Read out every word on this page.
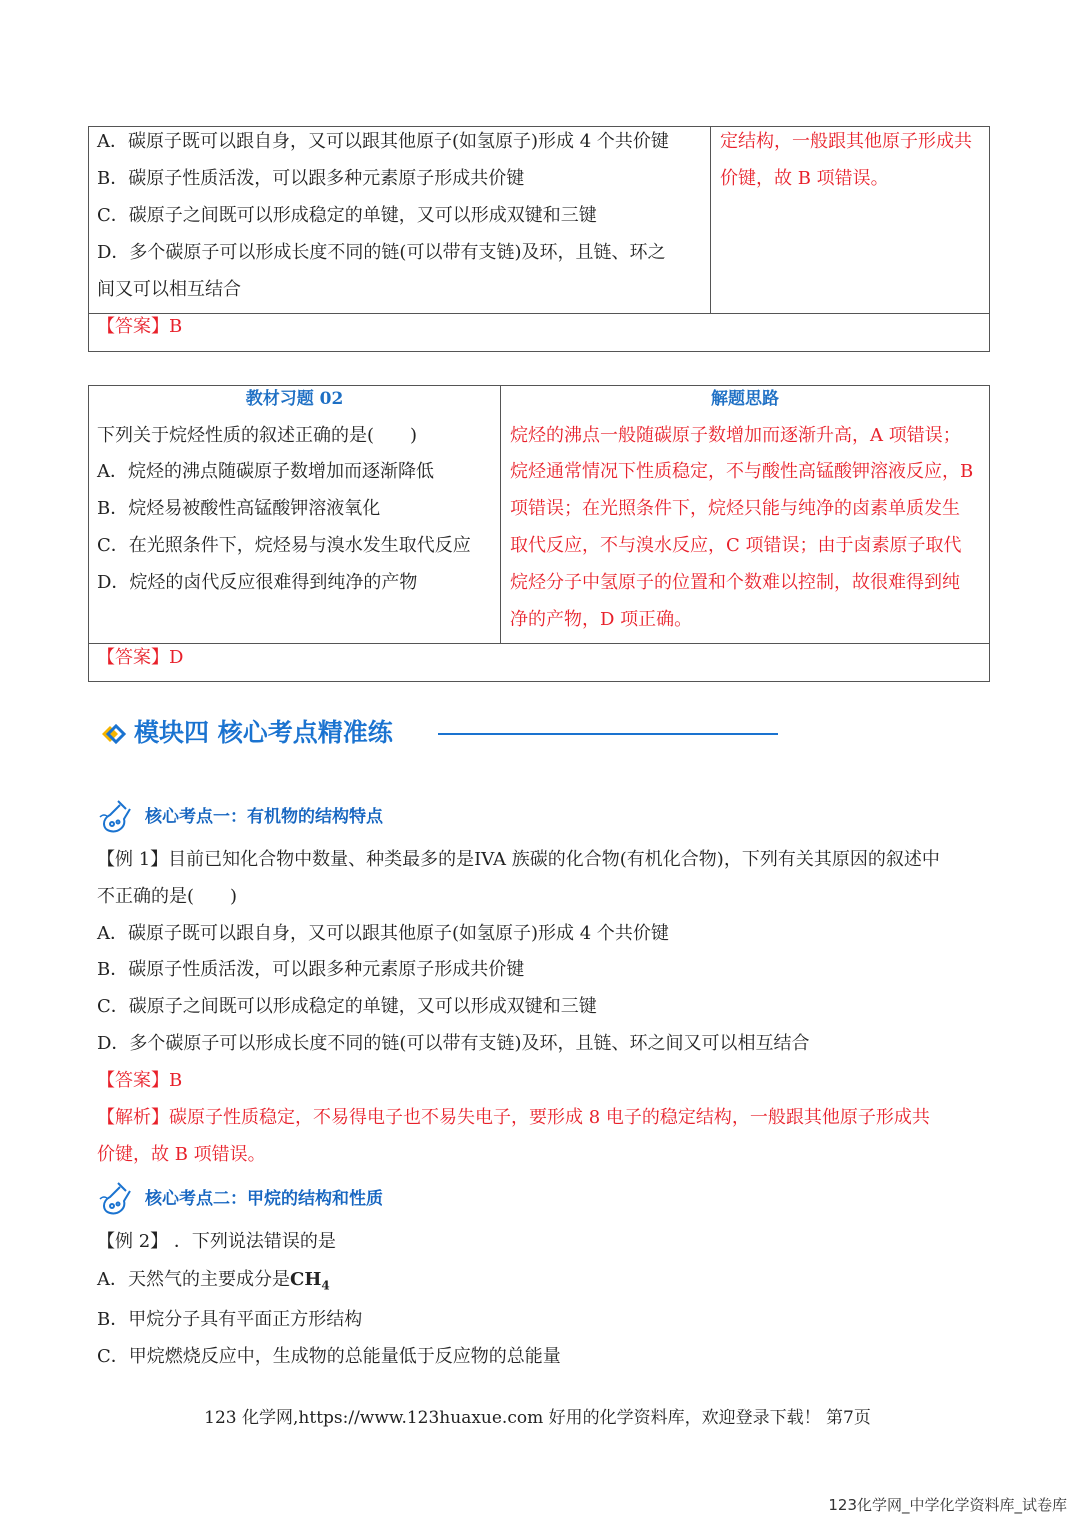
A．碳原子既可以跟自身，又可以跟其他原子(如氢原子)形成 4 个共价键
B．碳原子性质活泼，可以跟多种元素原子形成共价键
C．碳原子之间既可以形成稳定的单键，又可以形成双键和三键
D．多个碳原子可以形成长度不同的链(可以带有支链)及环，且链、环之
间又可以相互结合
定结构，一般跟其他原子形成共
价键，故 B 项错误。
【答案】B
教材习题 02	解题思路
下列关于烷烃性质的叙述正确的是(　　)
A．烷烃的沸点随碳原子数增加而逐渐降低
B．烷烃易被酸性高锰酸钾溶液氧化
C．在光照条件下，烷烃易与溴水发生取代反应
D．烷烃的卤代反应很难得到纯净的产物
烷烃的沸点一般随碳原子数增加而逐渐升高，A 项错误；
烷烃通常情况下性质稳定，不与酸性高锰酸钾溶液反应，B
项错误；在光照条件下，烷烃只能与纯净的卤素单质发生
取代反应，不与溴水反应，C 项错误；由于卤素原子取代
烷烃分子中氢原子的位置和个数难以控制，故很难得到纯
净的产物，D 项正确。
【答案】D
模块四 核心考点精准练
核心考点一：有机物的结构特点
【例 1】目前已知化合物中数量、种类最多的是IVA 族碳的化合物(有机化合物)，下列有关其原因的叙述中
不正确的是(　　)
A．碳原子既可以跟自身，又可以跟其他原子(如氢原子)形成 4 个共价键
B．碳原子性质活泼，可以跟多种元素原子形成共价键
C．碳原子之间既可以形成稳定的单键，又可以形成双键和三键
D．多个碳原子可以形成长度不同的链(可以带有支链)及环，且链、环之间又可以相互结合
【答案】B
【解析】碳原子性质稳定，不易得电子也不易失电子，要形成 8 电子的稳定结构，一般跟其他原子形成共
价键，故 B 项错误。
核心考点二：甲烷的结构和性质
【例 2】 ．下列说法错误的是
A．天然气的主要成分是$CH_4$
B．甲烷分子具有平面正方形结构
C．甲烷燃烧反应中，生成物的总能量低于反应物的总能量
123 化学网,https://www.123huaxue.com 好用的化学资料库，欢迎登录下载！ 第7页
123化学网_中学化学资料库_试卷库
